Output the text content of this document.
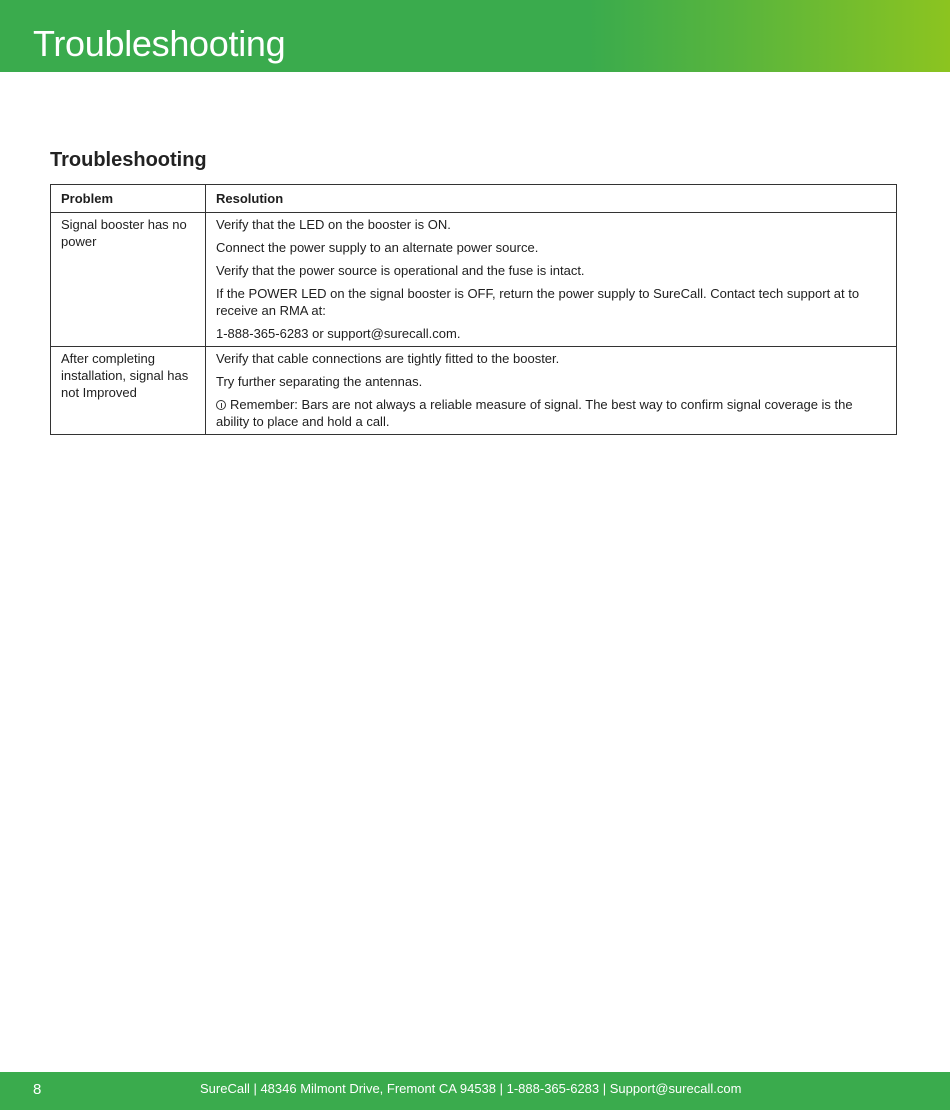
Troubleshooting
Troubleshooting
Problem	Resolution
Signal booster has no power	Verify that the LED on the booster is ON.
Connect the power supply to an alternate power source.
Verify that the power source is operational and the fuse is intact.
If the POWER LED on the signal booster is OFF, return the power supply to SureCall. Contact tech support at to receive an RMA at:
1-888-365-6283 or support@surecall.com.

After completing installation, signal has not Improved	Verify that cable connections are tightly fitted to the booster.
Try further separating the antennas.
Remember: Bars are not always a reliable measure of signal. The best way to confirm signal coverage is the ability to place and hold a call.
8	SureCall | 48346 Milmont Drive, Fremont CA 94538 | 1-888-365-6283 | Support@surecall.com
